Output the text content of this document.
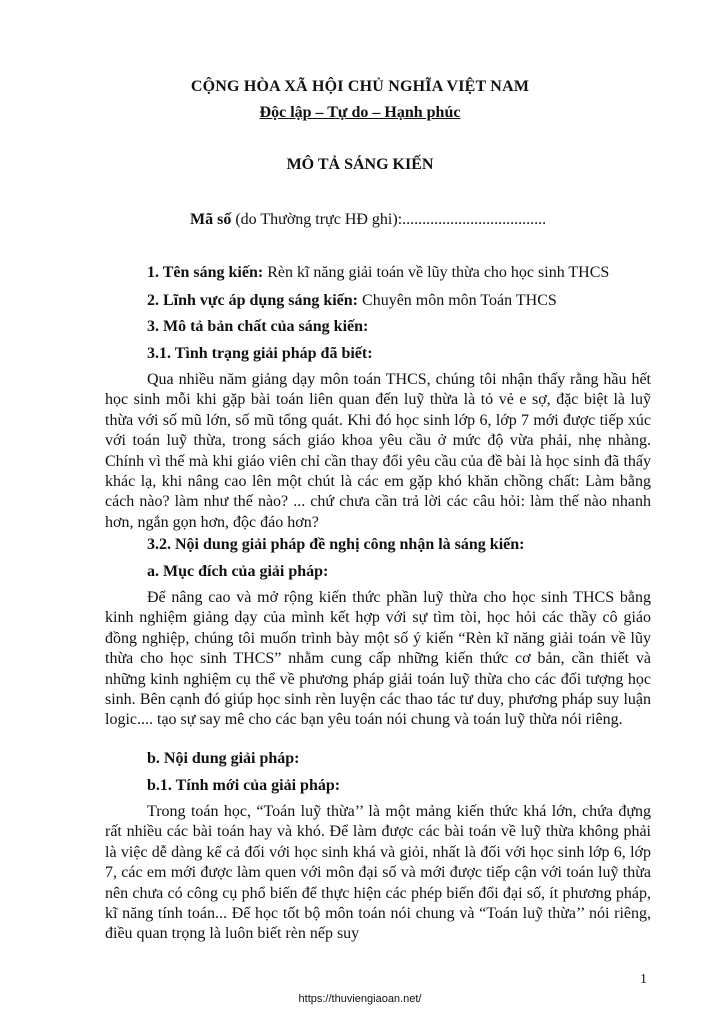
CỘNG HÒA XÃ HỘI CHỦ NGHĨA VIỆT NAM
Độc lập – Tự do – Hạnh phúc
MÔ TẢ SÁNG KIẾN
Mã số (do Thường trực HĐ ghi):....................................
1. Tên sáng kiến: Rèn kĩ năng giải toán về lũy thừa cho học sinh THCS
2. Lĩnh vực áp dụng sáng kiến: Chuyên môn môn Toán THCS
3. Mô tả bản chất của sáng kiến:
3.1. Tình trạng giải pháp đã biết:

Qua nhiều năm giảng dạy môn toán THCS, chúng tôi nhận thấy rằng hầu hết học sinh mỗi khi gặp bài toán liên quan đến luỹ thừa là tỏ vẻ e sợ, đặc biệt là luỹ thừa với số mũ lớn, số mũ tổng quát. Khi đó học sinh lớp 6, lớp 7 mới được tiếp xúc với toán luỹ thừa, trong sách giáo khoa yêu cầu ở mức độ vừa phải, nhẹ nhàng. Chính vì thế mà khi giáo viên chỉ cần thay đổi yêu cầu của đề bài là học sinh đã thấy khác lạ, khi nâng cao lên một chút là các em gặp khó khăn chồng chất: Làm bằng cách nào? làm như thế nào? ... chứ chưa cần trả lời các câu hỏi: làm thế nào nhanh hơn, ngắn gọn hơn, độc đáo hơn?

3.2. Nội dung giải pháp đề nghị công nhận là sáng kiến:
a. Mục đích của giải pháp:

Để nâng cao và mở rộng kiến thức phần luỹ thừa cho học sinh THCS bằng kinh nghiệm giảng dạy của mình kết hợp với sự tìm tòi, học hỏi các thầy cô giáo đồng nghiệp, chúng tôi muốn trình bày một số ý kiến “Rèn kĩ năng giải toán về lũy thừa cho học sinh THCS” nhằm cung cấp những kiến thức cơ bản, cần thiết và những kinh nghiệm cụ thể về phương pháp giải toán luỹ thừa cho các đối tượng học sinh. Bên cạnh đó giúp học sinh rèn luyện các thao tác tư duy, phương pháp suy luận logic.... tạo sự say mê cho các bạn yêu toán nói chung và toán luỹ thừa nói riêng.

b. Nội dung giải pháp:
b.1. Tính mới của giải pháp:

Trong toán học, “Toán luỹ thừa’’ là một mảng kiến thức khá lớn, chứa đựng rất nhiều các bài toán hay và khó. Để làm được các bài toán về luỹ thừa không phải là việc dễ dàng kể cả đối với học sinh khá và giỏi, nhất là đối với học sinh lớp 6, lớp 7, các em mới được làm quen với môn đại số và mới được tiếp cận với toán luỹ thừa nên chưa có công cụ phổ biến để thực hiện các phép biến đổi đại số, ít phương pháp, kĩ năng tính toán... Để học tốt bộ môn toán nói chung và “Toán luỹ thừa’’ nói riêng, điều quan trọng là luôn biết rèn nếp suy

1
https://thuviengiaoan.net/
